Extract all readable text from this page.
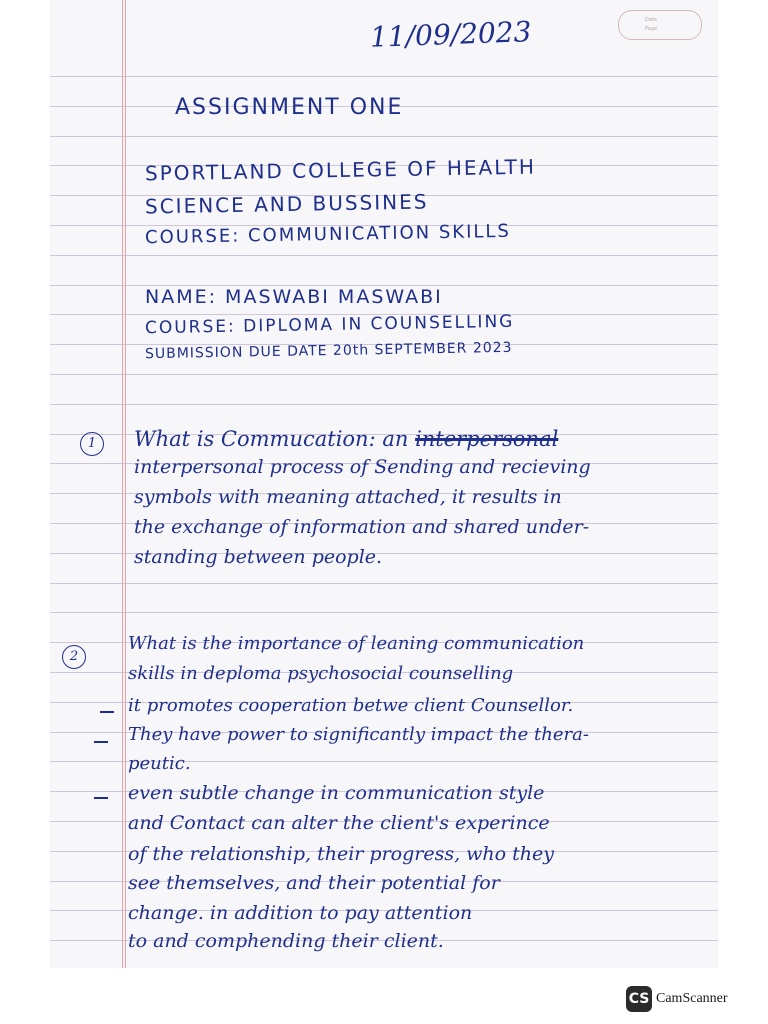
Date
Page
11/09/2023
ASSIGNMENT ONE
SPORTLAND COLLEGE OF HEALTH
SCIENCE AND BUSSINES
COURSE: COMMUNICATION SKILLS
NAME: MASWABI MASWABI
COURSE: DIPLOMA IN COUNSELLING
SUBMISSION DUE DATE 20th SEPTEMBER 2023
1	What is Commucation: an interpersonal
interpersonal process of Sending and recieving
symbols with meaning attached, it results in
the exchange of information and shared under-
standing between people.
2
What is the importance of leaning communication
skills in deploma psychosocial counselling
it promotes cooperation betwe client Counsellor.
They have power to significantly impact the thera-
peutic.
even subtle change in communication style
and Contact can alter the client's experince
of the relationship, their progress, who they
see themselves, and their potential for
change. in addition to pay attention
to and comphending their client.
CS CamScanner
